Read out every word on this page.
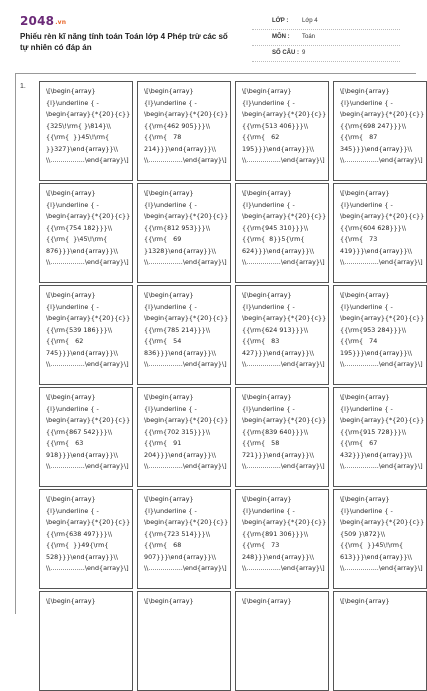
2048.vn
Phiếu rèn kĩ năng tính toán Toán lớp 4 Phép trừ các số tự nhiên có đáp án
LỚP : Lớp 4
MÔN : Toán
SỐ CÂU : 9
1.
\[\begin{array}
{l}\underline { -
\begin{array}{*{20}{c}}
{325\!\rm{ }\814}\\
{{\rm{  }}45\!\rm{
}}327}\end{array}}\\
\\.................\end{array}\]
\[\begin{array}
{l}\underline { -
\begin{array}{*{20}{c}}
{{\rm{462 905}}}\\
{{\rm{   78
214}}}\end{array}}\\
\\.................\end{array}\]
\[\begin{array}
{l}\underline { -
\begin{array}{*{20}{c}}
{{\rm{513 406}}}\\
{{\rm{   62
195}}}\end{array}}\\
\\.................\end{array}\]
\[\begin{array}
{l}\underline { -
\begin{array}{*{20}{c}}
{{\rm{698 247}}}\\
{{\rm{   87
345}}}\end{array}}\\
\\.................\end{array}\]
\[\begin{array}
{l}\underline { -
\begin{array}{*{20}{c}}
{{\rm{754 182}}}\\
{{\rm{  }\45\!\rm{
876}}}\end{array}}\\
\\.................\end{array}\]
\[\begin{array}
{l}\underline { -
\begin{array}{*{20}{c}}
{{\rm{812 953}}}\\
{{\rm{   69
}1328}\end{array}}\\
\\.................\end{array}\]
\[\begin{array}
{l}\underline { -
\begin{array}{*{20}{c}}
{{\rm{945 310}}}\\
{{\rm{  8}}5{\rm{
624}}}\end{array}}\\
\\.................\end{array}\]
\[\begin{array}
{l}\underline { -
\begin{array}{*{20}{c}}
{{\rm{604 628}}}\\
{{\rm{   73
419}}}\end{array}}\\
\\.................\end{array}\]
\[\begin{array}
{l}\underline { -
\begin{array}{*{20}{c}}
{{\rm{539 186}}}\\
{{\rm{   62
745}}}\end{array}}\\
\\.................\end{array}\]
\[\begin{array}
{l}\underline { -
\begin{array}{*{20}{c}}
{{\rm{785 214}}}\\
{{\rm{   54
836}}}\end{array}}\\
\\.................\end{array}\]
\[\begin{array}
{l}\underline { -
\begin{array}{*{20}{c}}
{{\rm{624 913}}}\\
{{\rm{   83
427}}}\end{array}}\\
\\.................\end{array}\]
\[\begin{array}
{l}\underline { -
\begin{array}{*{20}{c}}
{{\rm{953 284}}}\\
{{\rm{   74
195}}}\end{array}}\\
\\.................\end{array}\]
\[\begin{array}
{l}\underline { -
\begin{array}{*{20}{c}}
{{\rm{867 542}}}\\
{{\rm{   63
918}}}\end{array}}\\
\\.................\end{array}\]
\[\begin{array}
{l}\underline { -
\begin{array}{*{20}{c}}
{{\rm{702 315}}}\\
{{\rm{   91
204}}}\end{array}}\\
\\.................\end{array}\]
\[\begin{array}
{l}\underline { -
\begin{array}{*{20}{c}}
{{\rm{839 640}}}\\
{{\rm{   58
721}}}\end{array}}\\
\\.................\end{array}\]
\[\begin{array}
{l}\underline { -
\begin{array}{*{20}{c}}
{{\rm{915 728}}}\\
{{\rm{   67
432}}}\end{array}}\\
\\.................\end{array}\]
\[\begin{array}
{l}\underline { -
\begin{array}{*{20}{c}}
{{\rm{638 497}}}\\
{{\rm{  }}49{\rm{
528}}}\end{array}}\\
\\.................\end{array}\]
\[\begin{array}
{l}\underline { -
\begin{array}{*{20}{c}}
{{\rm{723 514}}}\\
{{\rm{   68
907}}}\end{array}}\\
\\.................\end{array}\]
\[\begin{array}
{l}\underline { -
\begin{array}{*{20}{c}}
{{\rm{891 306}}}\\
{{\rm{   73
248}}}\end{array}}\\
\\.................\end{array}\]
\[\begin{array}
{l}\underline { -
\begin{array}{*{20}{c}}
{509 }\872}\\
{{\rm{  }}45\!\rm{
613}}}\end{array}}\\
\\.................\end{array}\]
\[\begin{array}	\[\begin{array}	\[\begin{array}	\[\begin{array}
